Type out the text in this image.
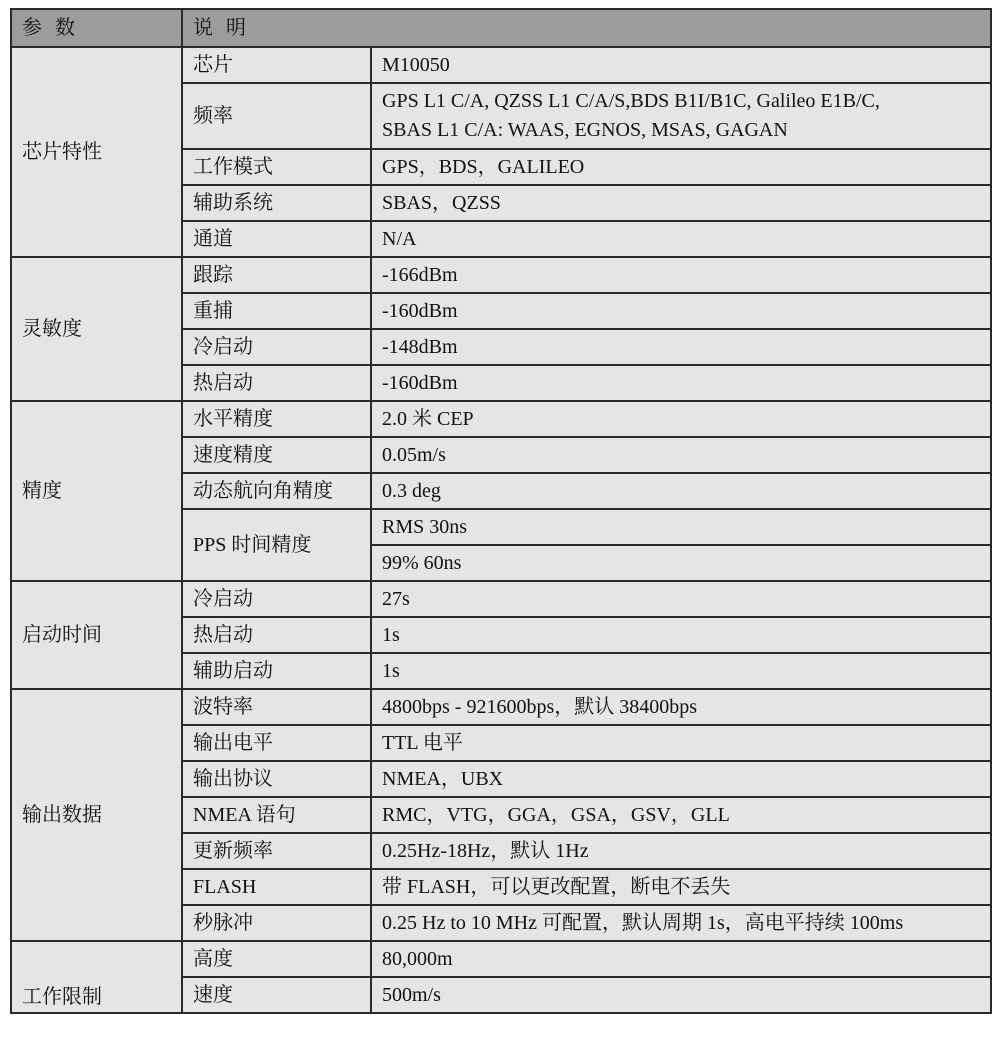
参 数	说 明	
芯片特性	芯片	M10050
	频率	GPS L1 C/A, QZSS L1 C/A/S,BDS B1I/B1C, Galileo E1B/C,
SBAS L1 C/A: WAAS, EGNOS, MSAS, GAGAN

	工作模式	GPS，BDS，GALILEO
	辅助系统	SBAS，QZSS
	通道	N/A
灵敏度	跟踪	-166dBm
	重捕	-160dBm
	冷启动	-148dBm
	热启动	-160dBm
精度	水平精度	2.0 米 CEP
	速度精度	0.05m/s
	动态航向角精度	0.3 deg
	PPS 时间精度	RMS 30ns
		99% 60ns
启动时间	冷启动	27s
	热启动	1s
	辅助启动	1s
输出数据	波特率	4800bps - 921600bps，默认 38400bps
	输出电平	TTL 电平
	输出协议	NMEA，UBX
	NMEA 语句	RMC，VTG，GGA，GSA，GSV，GLL
	更新频率	0.25Hz-18Hz，默认 1Hz
	FLASH	带 FLASH，可以更改配置，断电不丢失
	秒脉冲	0.25 Hz to 10 MHz 可配置，默认周期 1s，高电平持续 100ms
工作限制	高度	80,000m
	速度	500m/s
